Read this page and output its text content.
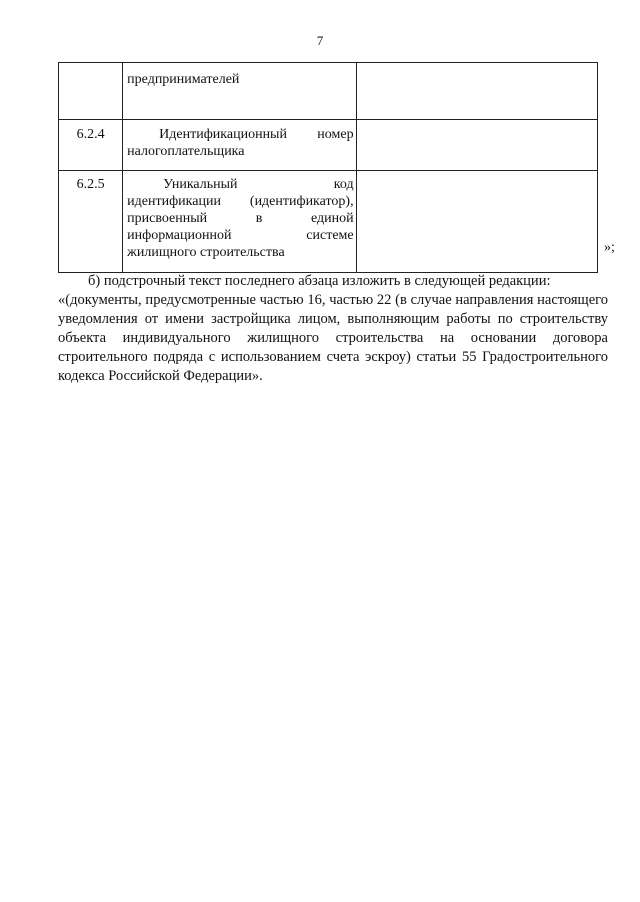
7

	предпринимателей	

6.2.4	Идентификационный номер налогоплательщика	

6.2.5	Уникальный код идентификации (идентификатор), присвоенный в единой информационной системе жилищного строительства	
		»;
б) подстрочный текст последнего абзаца изложить в следующей редакции:
«(документы, предусмотренные частью 16, частью 22 (в случае направления настоящего уведомления от имени застройщика лицом, выполняющим работы по строительству объекта индивидуального жилищного строительства на основании договора строительного подряда с использованием счета эскроу) статьи 55 Градостроительного кодекса Российской Федерации».
